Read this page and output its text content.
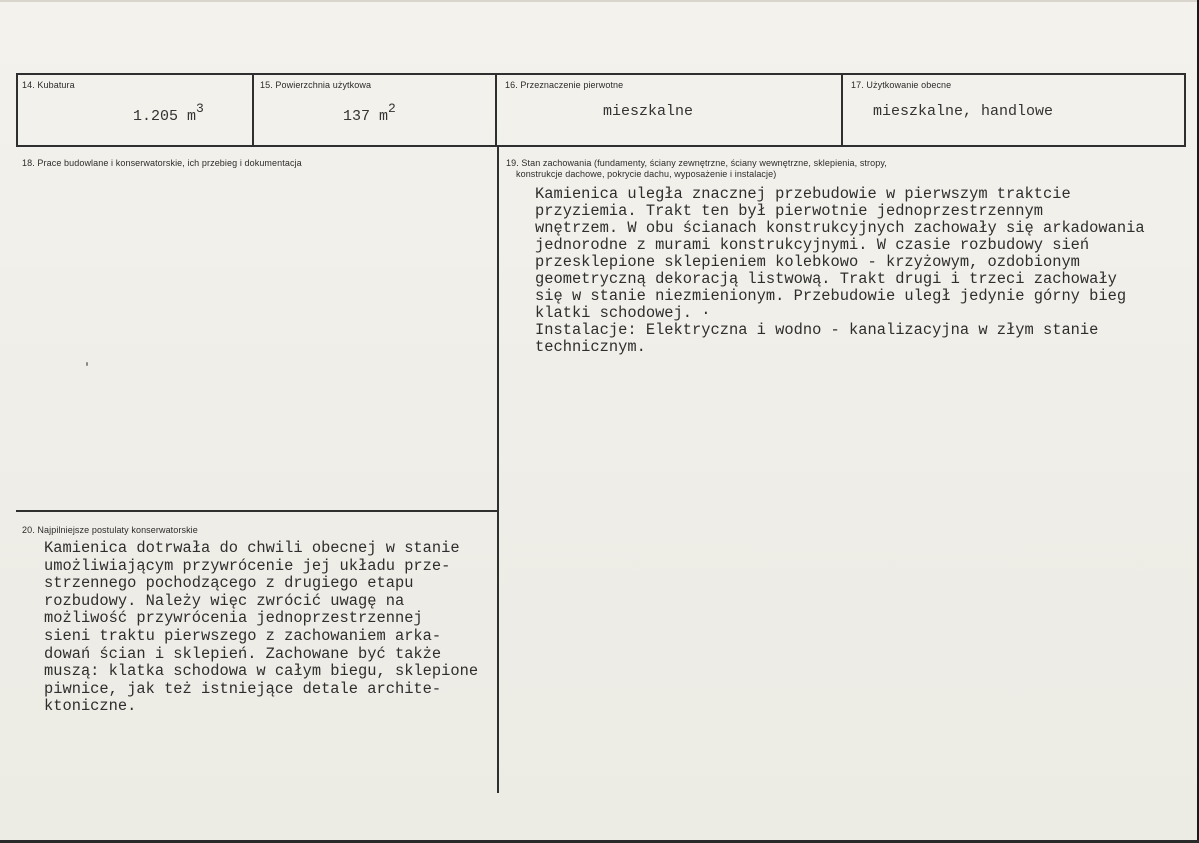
14. Kubatura
1.205 $m^3$
15. Powierzchnia użytkowa
137 $m^2$
16. Przeznaczenie pierwotne
mieszkalne
17. Użytkowanie obecne
mieszkalne, handlowe
18. Prace budowlane i konserwatorskie, ich przebieg i dokumentacja	19. Stan zachowania (fundamenty, ściany zewnętrzne, ściany wewnętrzne, sklepienia, stropy,
konstrukcje dachowe, pokrycie dachu, wyposażenie i instalacje)
Kamienica uległa znacznej przebudowie w pierwszym traktcie
przyziemia. Trakt ten był pierwotnie jednoprzestrzennym
wnętrzem. W obu ścianach konstrukcyjnych zachowały się arkadowania
jednorodne z murami konstrukcyjnymi. W czasie rozbudowy sień
przesklepione sklepieniem kolebkowo - krzyżowym, ozdobionym
geometryczną dekoracją listwową. Trakt drugi i trzeci zachowały
się w stanie niezmienionym. Przebudowie uległ jedynie górny bieg
klatki schodowej. ·
Instalacje: Elektryczna i wodno - kanalizacyjna w złym stanie
technicznym.
20. Najpilniejsze postulaty konserwatorskie
Kamienica dotrwała do chwili obecnej w stanie
umożliwiającym przywrócenie jej układu prze-
strzennego pochodzącego z drugiego etapu
rozbudowy. Należy więc zwrócić uwagę na
możliwość przywrócenia jednoprzestrzennej
sieni traktu pierwszego z zachowaniem arka-
dowań ścian i sklepień. Zachowane być także
muszą: klatka schodowa w całym biegu, sklepione
piwnice, jak też istniejące detale archite-
ktoniczne.
